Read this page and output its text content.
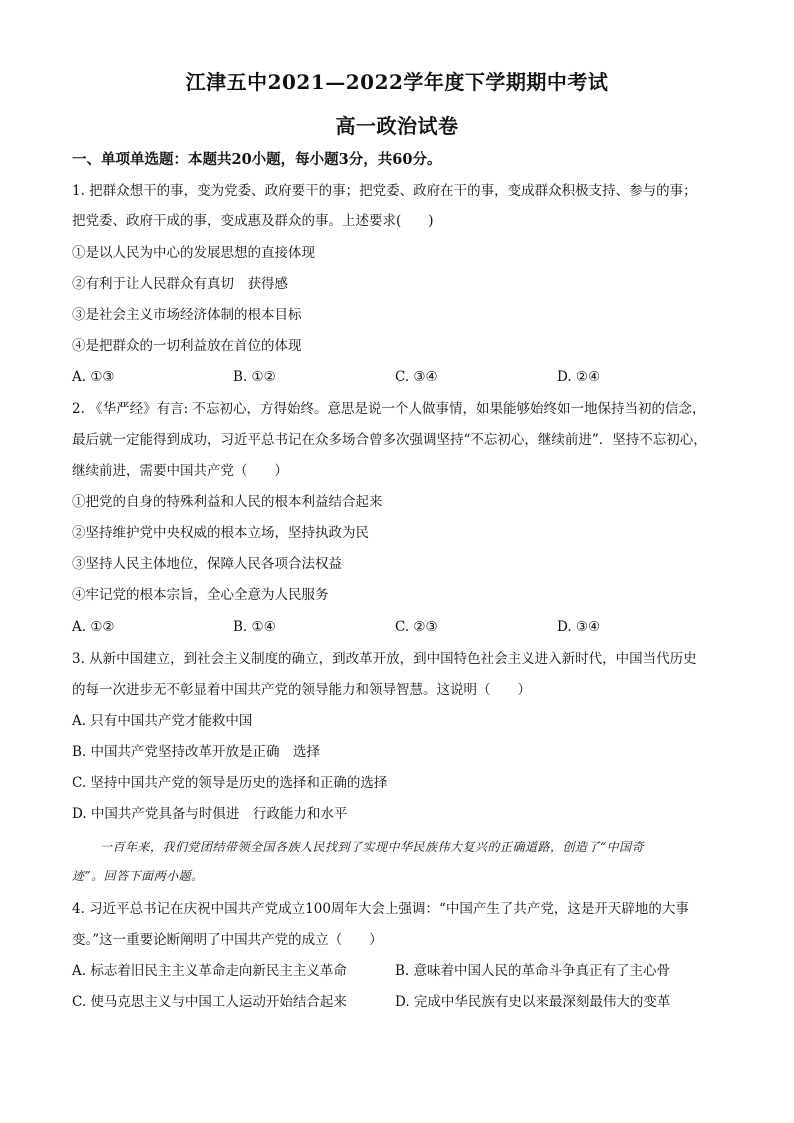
江津五中2021—2022学年度下学期期中考试
高一政治试卷
一、单项单选题：本题共20小题，每小题3分，共60分。
1. 把群众想干的事，变为党委、政府要干的事；把党委、政府在干的事，变成群众积极支持、参与的事；
把党委、政府干成的事，变成惠及群众的事。上述要求(　　)
①是以人民为中心的发展思想的直接体现
②有利于让人民群众有真切　获得感
③是社会主义市场经济体制的根本目标
④是把群众的一切利益放在首位的体现
A. ①③	B. ①②	C. ③④	D. ②④
2. 《华严经》有言: 不忘初心，方得始终。意思是说一个人做事情，如果能够始终如一地保持当初的信念，
最后就一定能得到成功，习近平总书记在众多场合曾多次强调坚持“不忘初心，继续前进”．坚持不忘初心，
继续前进，需要中国共产党（　　）
①把党的自身的特殊利益和人民的根本利益结合起来
②坚持维护党中央权威的根本立场，坚持执政为民
③坚持人民主体地位，保障人民各项合法权益
④牢记党的根本宗旨，全心全意为人民服务
A. ①②	B. ①④	C. ②③	D. ③④
3. 从新中国建立，到社会主义制度的确立，到改革开放，到中国特色社会主义进入新时代，中国当代历史
的每一次进步无不彰显着中国共产党的领导能力和领导智慧。这说明（　　）
A. 只有中国共产党才能救中国
B. 中国共产党坚持改革开放是正确　选择
C. 坚持中国共产党的领导是历史的选择和正确的选择
D. 中国共产党具备与时俱进　行政能力和水平
一百年来，我们党团结带领全国各族人民找到了实现中华民族伟大复兴的正确道路，创造了“中国奇
迹”。回答下面两小题。
4. 习近平总书记在庆祝中国共产党成立100周年大会上强调：“中国产生了共产党，这是开天辟地的大事
变。”这一重要论断阐明了中国共产党的成立（　　）
A. 标志着旧民主主义革命走向新民主主义革命	B. 意味着中国人民的革命斗争真正有了主心骨
C. 使马克思主义与中国工人运动开始结合起来	D. 完成中华民族有史以来最深刻最伟大的变革
